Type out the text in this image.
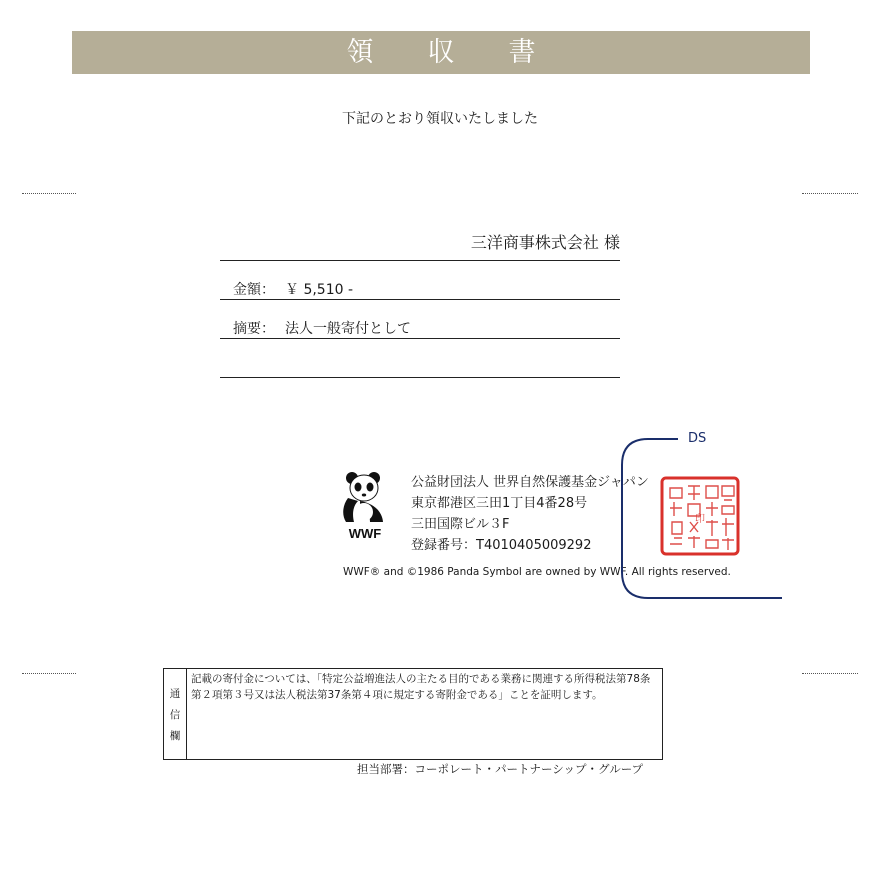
領収書
下記のとおり領収いたしました
三洋商事株式会社 様
金額： ￥ 5,510 -
摘要： 法人一般寄付として
WWF
公益財団法人 世界自然保護基金ジャパン
東京都港区三田1丁目4番28号
三田国際ビル３F
登録番号：T4010405009292
WWF® and ©1986 Panda Symbol are owned by WWF. All rights reserved.
印
DS
通
信
欄
記載の寄付金については、「特定公益増進法人の主たる目的である業務に関連する所得税法第78条第２項第３号又は法人税法第37条第４項に規定する寄附金である」ことを証明します。
担当部署：コーポレート・パートナーシップ・グループ
